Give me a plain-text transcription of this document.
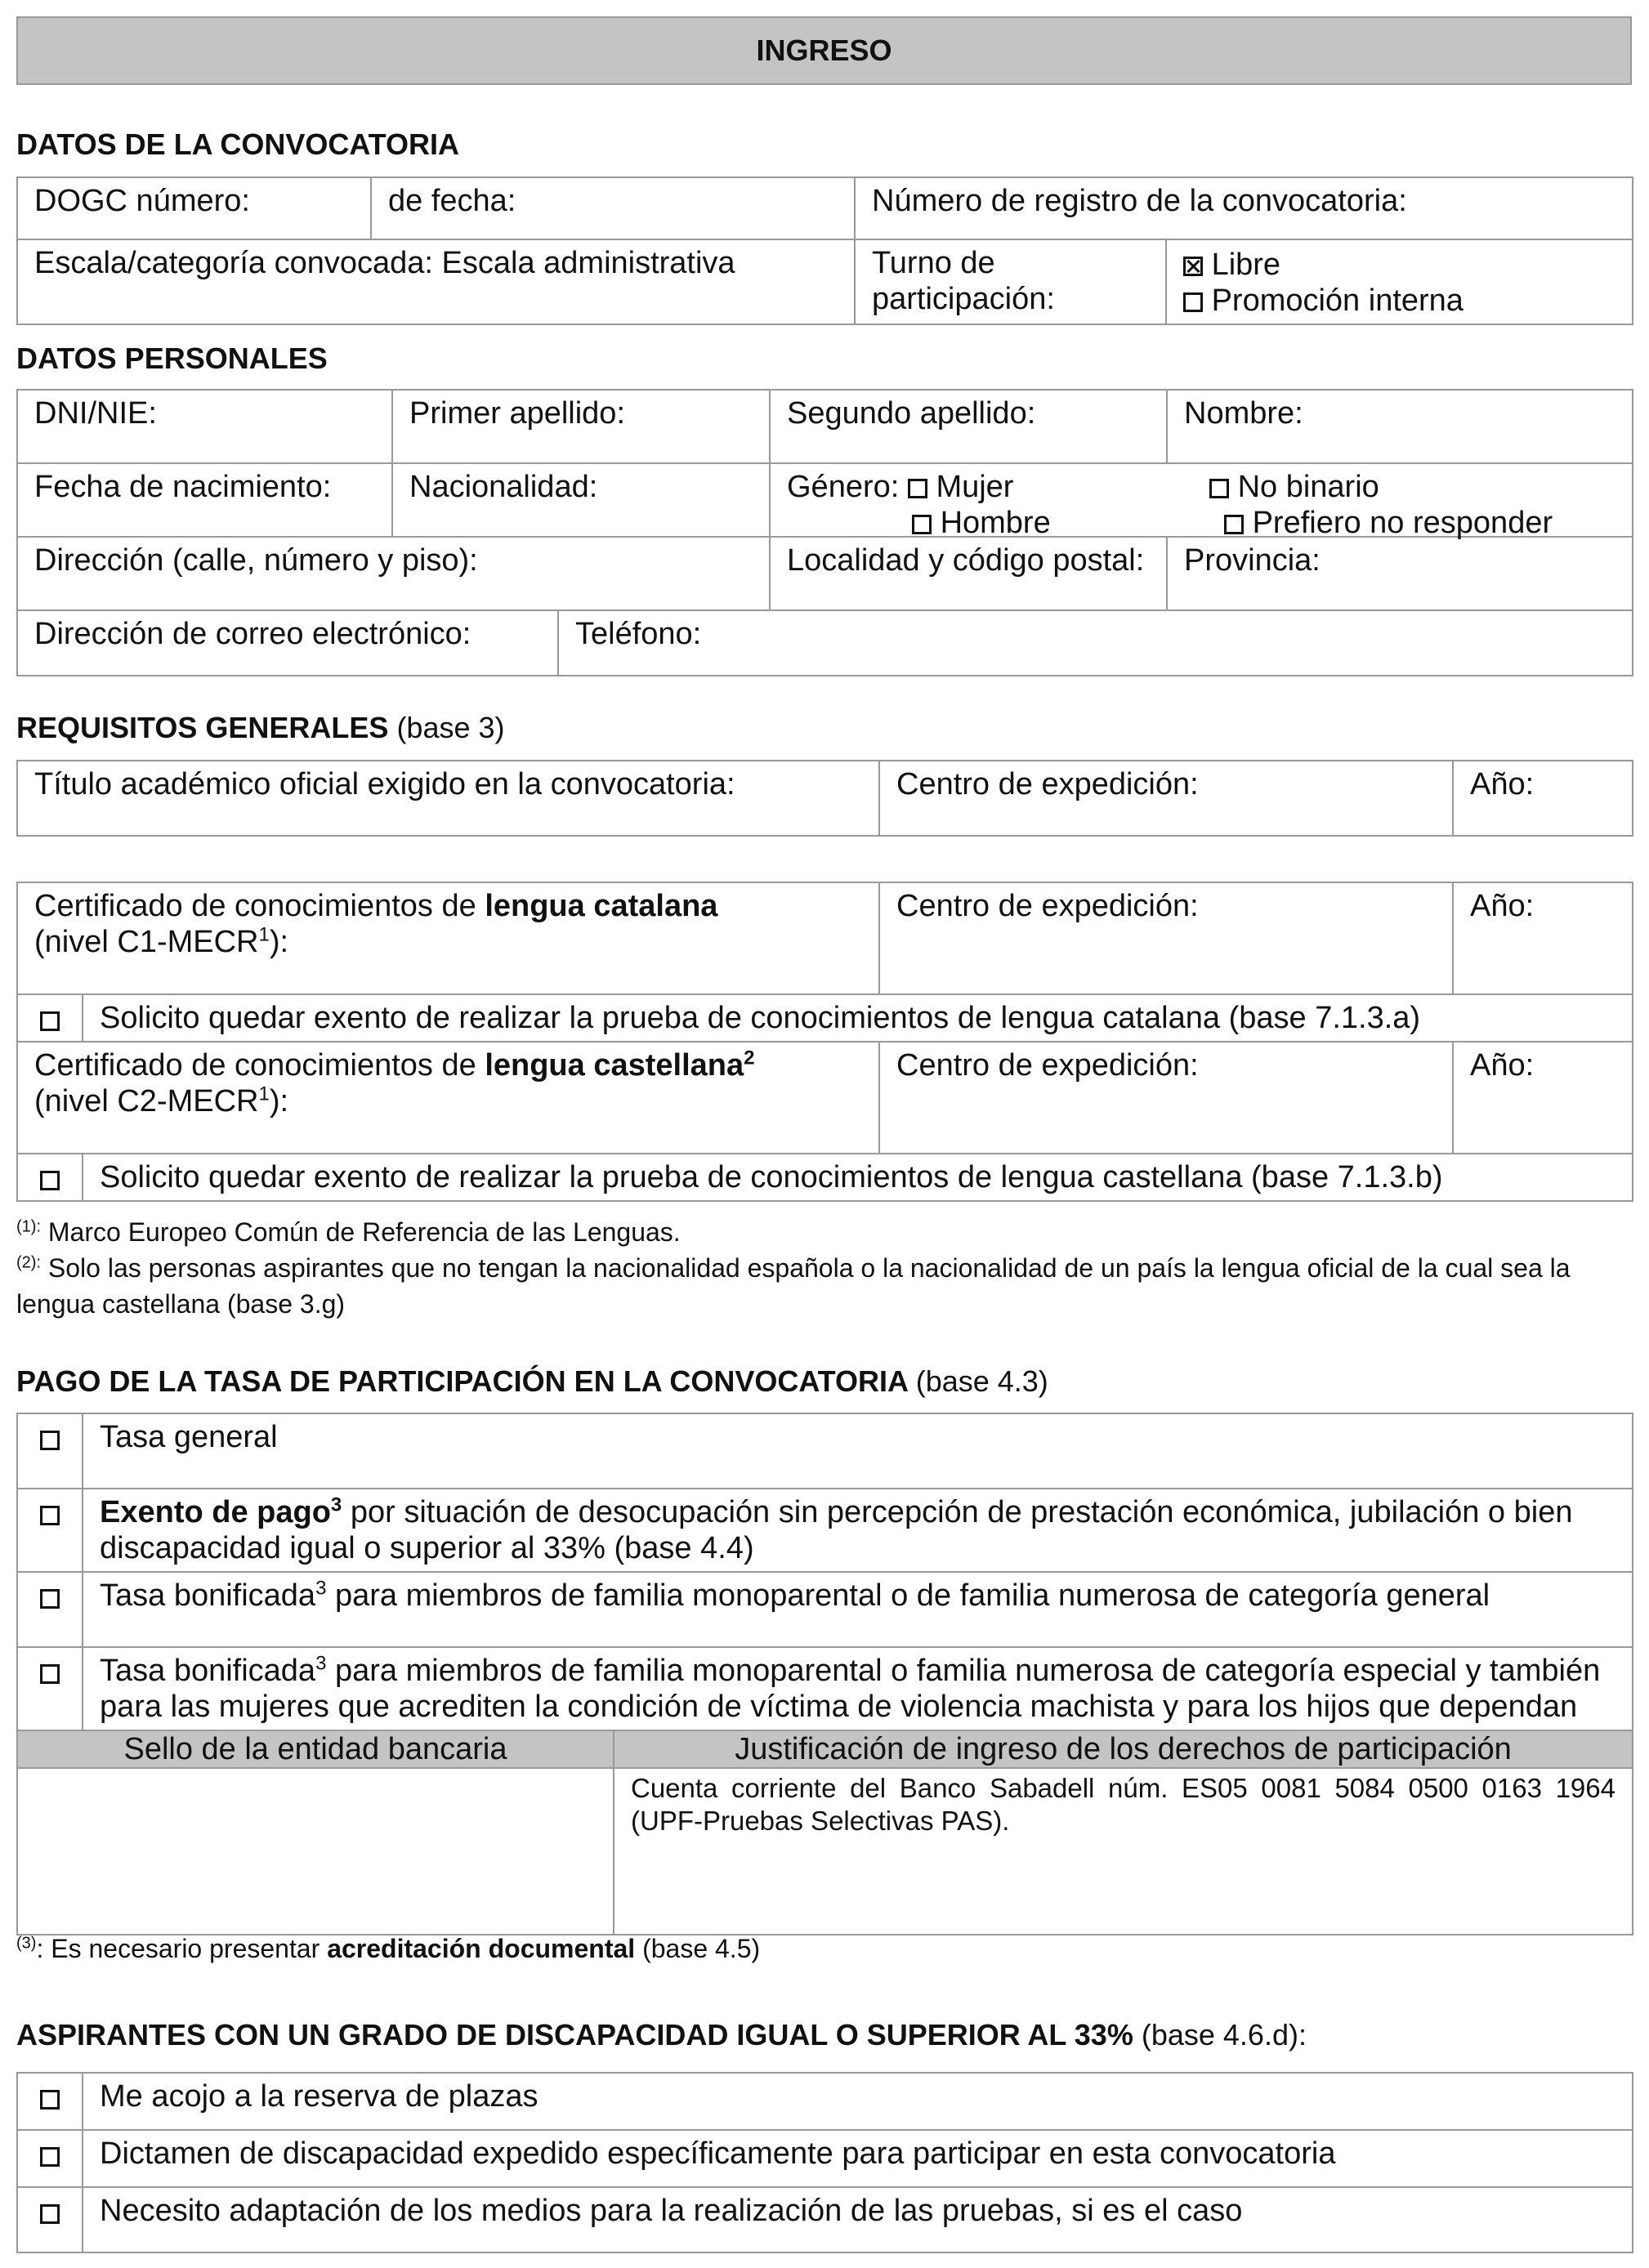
INGRESO
DATOS DE LA CONVOCATORIA
DOGC número:	de fecha:	Número de registro de la convocatoria:	
Escala/categoría convocada: Escala administrativa		Turno de participación:	Libre
Promoción interna
DATOS PERSONALES
DNI/NIE:	Primer apellido:		Segundo apellido:	Nombre:
Fecha de nacimiento:	Nacionalidad:		Género: Mujer
Hombre
No binario
Prefiero no responder	

Dirección (calle, número y piso):			Localidad y código postal:	Provincia:
Dirección de correo electrónico:		Teléfono:		
REQUISITOS GENERALES (base 3)
Título académico oficial exigido en la convocatoria:	Centro de expedición:	Año:
Certificado de conocimientos de lengua catalana
(nivel C1-MECR$^1$):		Centro de expedición:	Año:
	Solicito quedar exento de realizar la prueba de conocimientos de lengua catalana (base 7.1.3.a)		
Certificado de conocimientos de lengua castellana$^2$
(nivel C2-MECR$^1$):		Centro de expedición:	Año:
	Solicito quedar exento de realizar la prueba de conocimientos de lengua castellana (base 7.1.3.b)		
$^{(1):}$ Marco Europeo Común de Referencia de las Lenguas.
$^{(2):}$ Solo las personas aspirantes que no tengan la nacionalidad española o la nacionalidad de un país la lengua oficial de la cual sea la lengua castellana (base 3.g)
PAGO DE LA TASA DE PARTICIPACIÓN EN LA CONVOCATORIA (base 4.3)
	Tasa general	
	Exento de pago$^3$ por situación de desocupación sin percepción de prestación económica, jubilación o bien discapacidad igual o superior al 33% (base 4.4)	
	Tasa bonificada$^3$ para miembros de familia monoparental o de familia numerosa de categoría general	
	Tasa bonificada$^3$ para miembros de familia monoparental o familia numerosa de categoría especial y también para las mujeres que acrediten la condición de víctima de violencia machista y para los hijos que dependan	
Sello de la entidad bancaria		Justificación de ingreso de los derechos de participación
		Cuenta corriente del Banco Sabadell núm. ES05 0081 5084 0500 0163 1964 (UPF-Pruebas Selectivas PAS).
$^{(3)}$: Es necesario presentar acreditación documental (base 4.5)
ASPIRANTES CON UN GRADO DE DISCAPACIDAD IGUAL O SUPERIOR AL 33% (base 4.6.d):
	Me acojo a la reserva de plazas
	Dictamen de discapacidad expedido específicamente para participar en esta convocatoria
	Necesito adaptación de los medios para la realización de las pruebas, si es el caso
